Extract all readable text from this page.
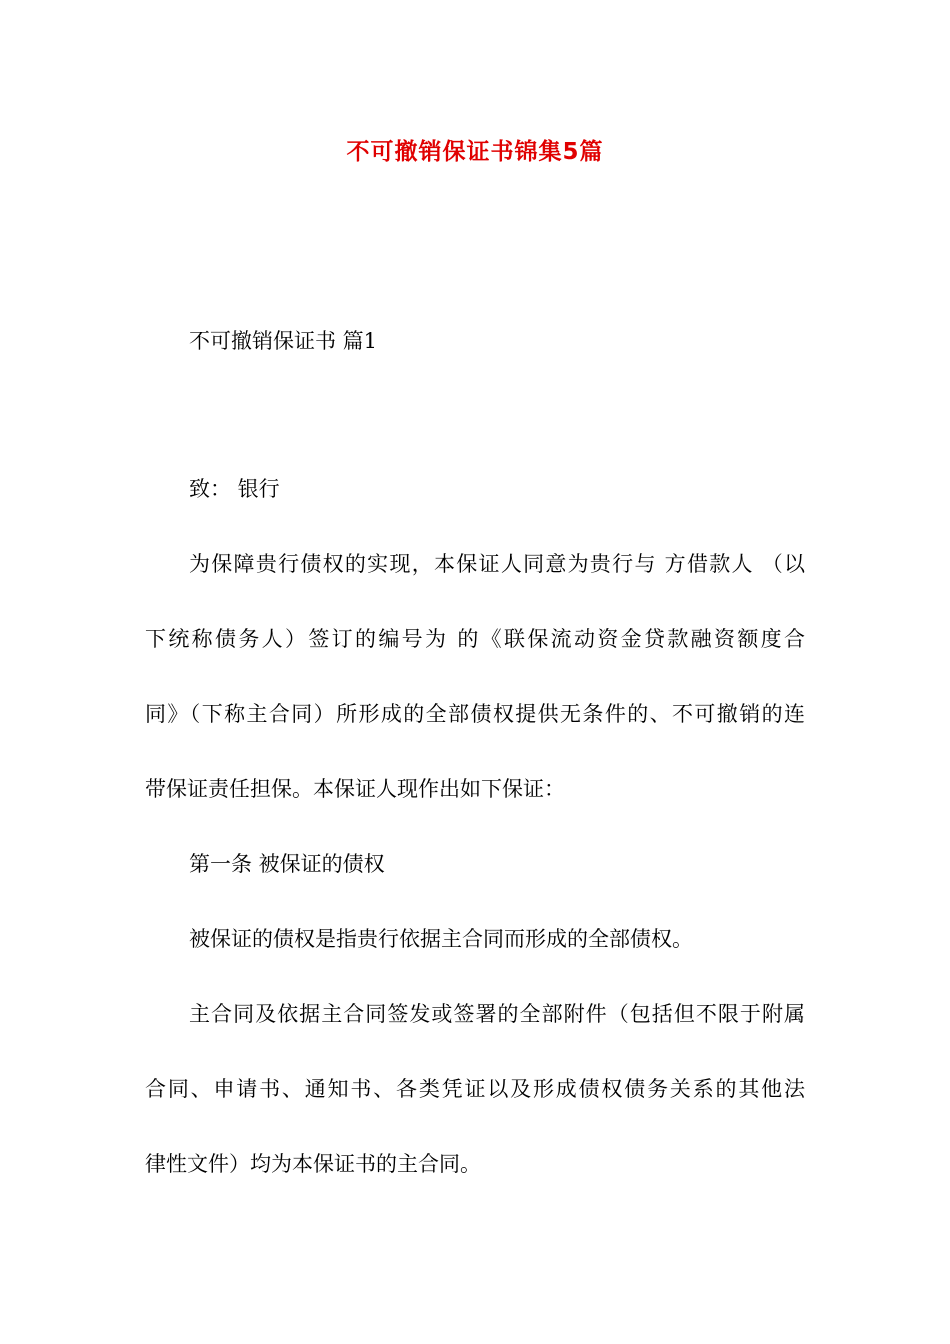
不可撤销保证书锦集5篇

不可撤销保证书 篇1

致： 银行

为保障贵行债权的实现，本保证人同意为贵行与 方借款人 （以

下统称债务人）签订的编号为 的《联保流动资金贷款融资额度合

同》（下称主合同）所形成的全部债权提供无条件的、不可撤销的连

带保证责任担保。本保证人现作出如下保证：

第一条 被保证的债权

被保证的债权是指贵行依据主合同而形成的全部债权。

主合同及依据主合同签发或签署的全部附件（包括但不限于附属

合同、申请书、通知书、各类凭证以及形成债权债务关系的其他法

律性文件）均为本保证书的主合同。
